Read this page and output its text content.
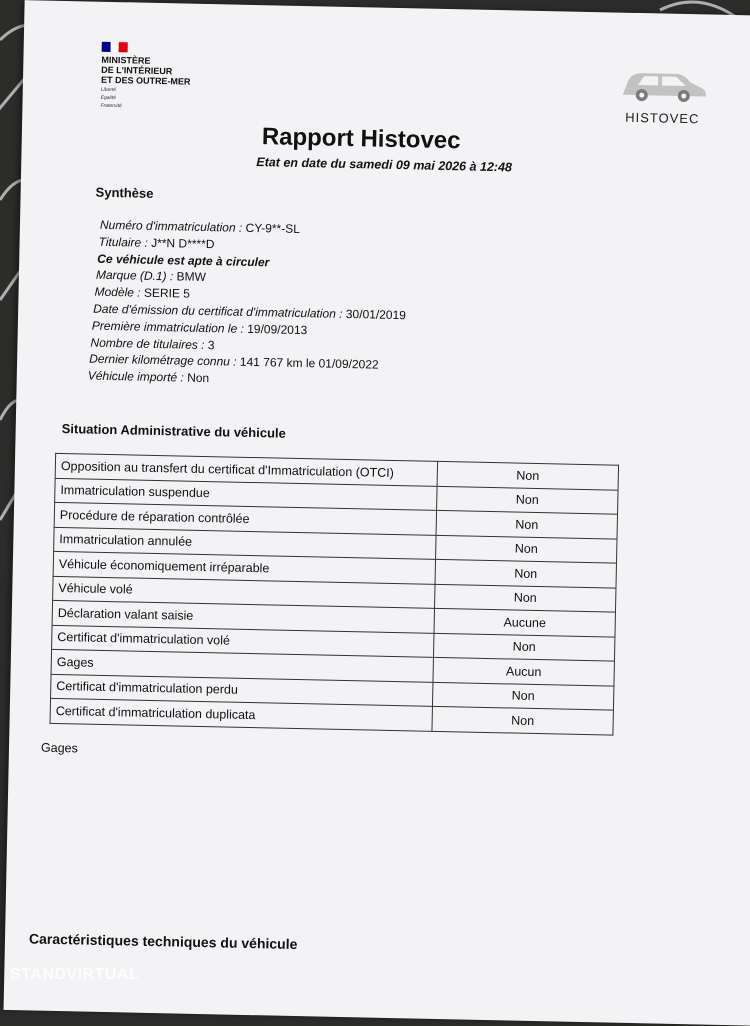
MINISTÈRE
DE L'INTÉRIEUR
ET DES OUTRE-MER
Liberté
Égalité
Fraternité
HISTOVEC
Rapport Histovec
Etat en date du samedi 09 mai 2026 à 12:48
Synthèse
Numéro d'immatriculation : CY-9**-SL
Titulaire : J**N D****D
Ce véhicule est apte à circuler
Marque (D.1) : BMW
Modèle : SERIE 5
Date d'émission du certificat d'immatriculation : 30/01/2019
Première immatriculation le : 19/09/2013
Nombre de titulaires : 3
Dernier kilométrage connu : 141 767 km le 01/09/2022
Véhicule importé : Non
Situation Administrative du véhicule
Opposition au transfert du certificat d'Immatriculation (OTCI)	Non
Immatriculation suspendue	Non
Procédure de réparation contrôlée	Non
Immatriculation annulée	Non
Véhicule économiquement irréparable	Non
Véhicule volé	Non
Déclaration valant saisie	Aucune
Certificat d'immatriculation volé	Non
Gages	Aucun
Certificat d'immatriculation perdu	Non
Certificat d'immatriculation duplicata	Non
Gages
Caractéristiques techniques du véhicule
STANDVIRTUAL
